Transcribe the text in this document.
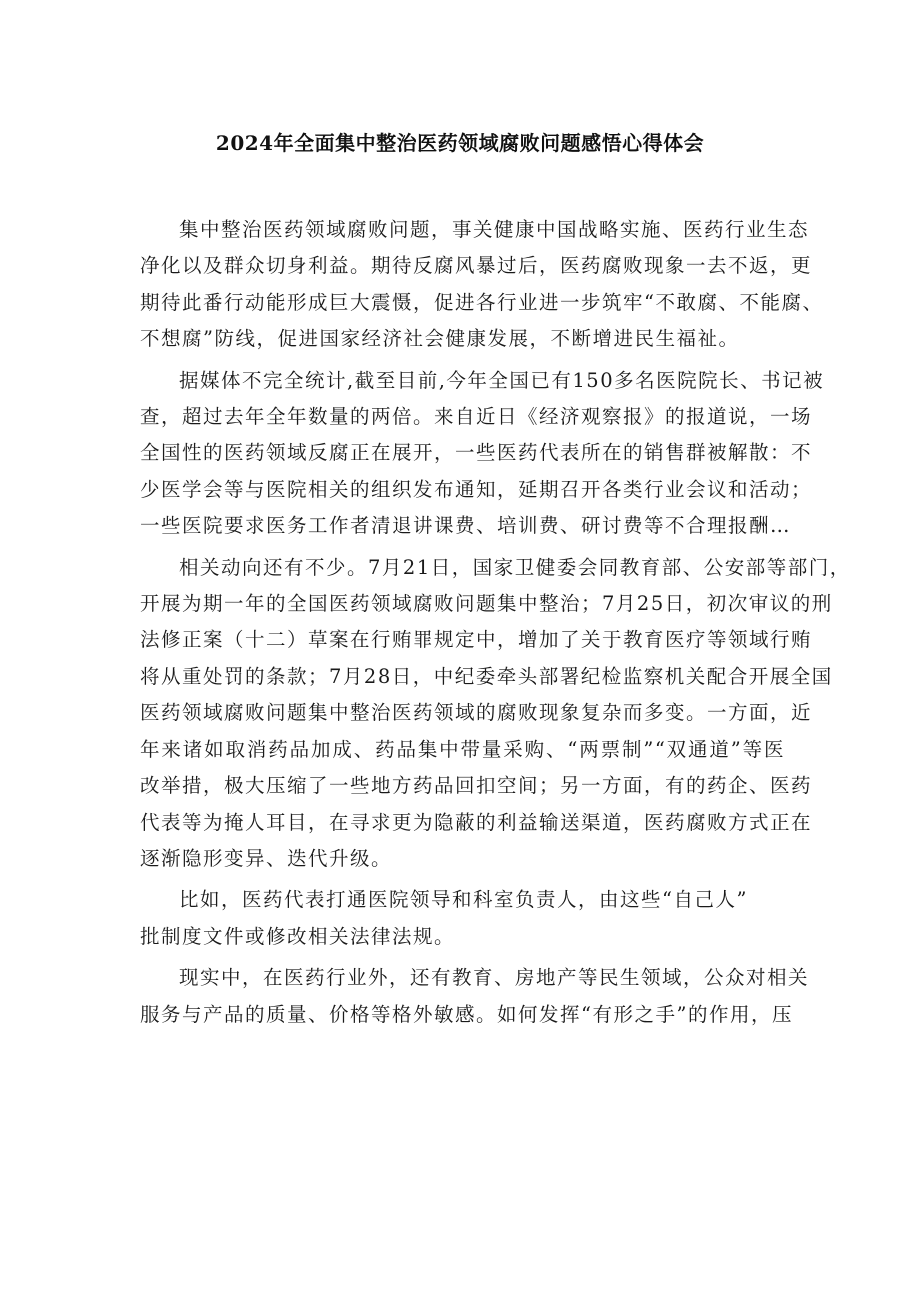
2024年全面集中整治医药领域腐败问题感悟心得体会

集中整治医药领域腐败问题，事关健康中国战略实施、医药行业生态
净化以及群众切身利益。期待反腐风暴过后，医药腐败现象一去不返，更
期待此番行动能形成巨大震慑，促进各行业进一步筑牢“不敢腐、不能腐、
不想腐”防线，促进国家经济社会健康发展，不断增进民生福祉。

据媒体不完全统计,截至目前,今年全国已有150多名医院院长、书记被
查，超过去年全年数量的两倍。来自近日《经济观察报》的报道说，一场
全国性的医药领域反腐正在展开，一些医药代表所在的销售群被解散：不
少医学会等与医院相关的组织发布通知，延期召开各类行业会议和活动；
一些医院要求医务工作者清退讲课费、培训费、研讨费等不合理报酬…

相关动向还有不少。7月21日，国家卫健委会同教育部、公安部等部门，
开展为期一年的全国医药领域腐败问题集中整治；7月25日，初次审议的刑
法修正案（十二）草案在行贿罪规定中，增加了关于教育医疗等领域行贿
将从重处罚的条款；7月28日，中纪委牵头部署纪检监察机关配合开展全国
医药领域腐败问题集中整治医药领域的腐败现象复杂而多变。一方面，近
年来诸如取消药品加成、药品集中带量采购、“两票制”“双通道”等医
改举措，极大压缩了一些地方药品回扣空间；另一方面，有的药企、医药
代表等为掩人耳目，在寻求更为隐蔽的利益输送渠道，医药腐败方式正在
逐渐隐形变异、迭代升级。

比如，医药代表打通医院领导和科室负责人，由这些“自己人”
批制度文件或修改相关法律法规。

现实中，在医药行业外，还有教育、房地产等民生领域，公众对相关
服务与产品的质量、价格等格外敏感。如何发挥“有形之手”的作用，压
